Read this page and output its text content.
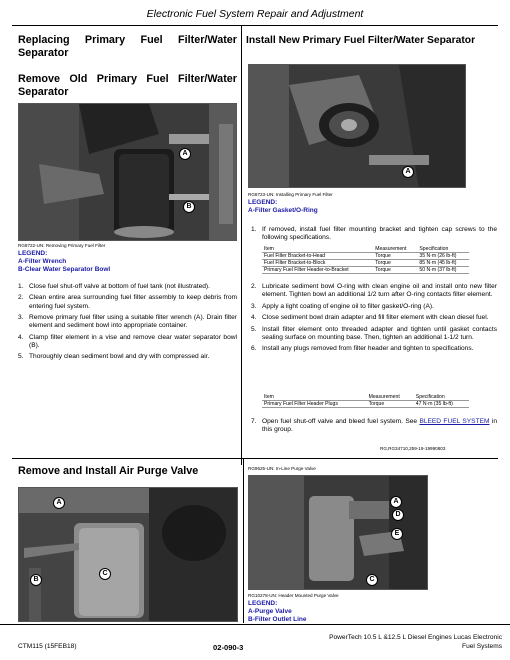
Electronic Fuel System Repair and Adjustment
Replacing Primary Fuel Filter/Water Separator
Remove Old Primary Fuel Filter/Water Separator
A
B
RG8722-UN: Removing Primary Fuel Filter
LEGEND:
A-Filter Wrench
B-Clear Water Separator Bowl
1. Close fuel shut-off valve at bottom of fuel tank (not illustrated).
2. Clean entire area surrounding fuel filter assembly to keep debris from entering fuel system.
3. Remove primary fuel filter using a suitable filter wrench (A). Drain filter element and sediment bowl into appropriate container.
4. Clamp filter element in a vise and remove clear water separator bowl (B).
5. Thoroughly clean sediment bowl and dry with compressed air.
Install New Primary Fuel Filter/Water Separator
A
RG8723-UN: Installing Primary Fuel Filter
LEGEND:
A-Filter Gasket/O-Ring
1. If removed, install fuel filter mounting bracket and tighten cap screws to the following specifications.
Item	Measurement	Specification
Fuel Filter Bracket-to-Head	Torque	35 N·m (26 lb-ft)
Fuel Filter Bracket-to-Block	Torque	85 N·m (45 lb-ft)
Primary Fuel Filter Header-to-Bracket	Torque	50 N·m (37 lb-ft)
2. Lubricate sediment bowl O-ring with clean engine oil and install onto new filter element. Tighten bowl an additional 1/2 turn after O-ring contacts filter element.
3. Apply a light coating of engine oil to filter gasket/O-ring (A).
4. Close sediment bowl drain adapter and fill filter element with clean diesel fuel.
5. Install filter element onto threaded adapter and tighten until gasket contacts sealing surface on mounting base. Then, tighten an additional 1-1/2 turn.
6. Install any plugs removed from filter header and tighten to specifications.
Item	Measurement	Specification
Primary Fuel Filter Header Plugs	Torque	47 N·m (35 lb-ft)
7. Open fuel shut-off valve and bleed fuel system. See BLEED FUEL SYSTEM in this group.
RG,RG34710,259-19-19990803
Remove and Install Air Purge Valve
A
B
C
RG9625-UN: In-Line Purge Valve
A
D
E
C
RG10278-UN: Header Mounted Purge Valve
LEGEND:
A-Purge Valve
B-Filter Outlet Line
CTM115 (15FEB18)	02-090-3
PowerTech 10.5 L &12.5 L Diesel Engines Lucas Electronic
Fuel Systems
